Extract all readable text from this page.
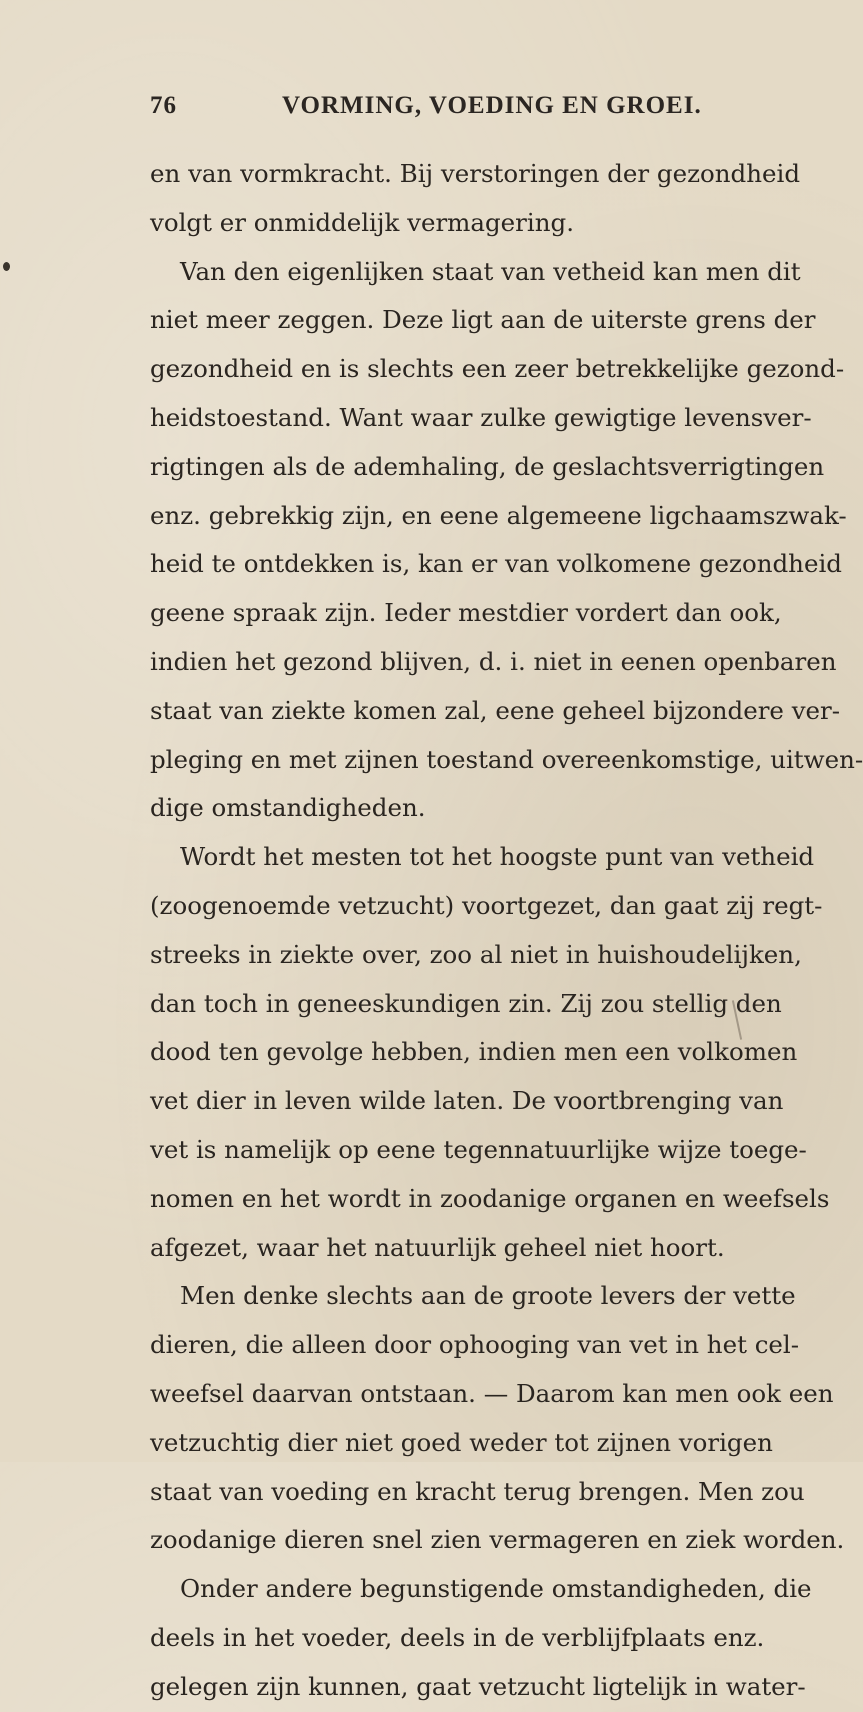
76	VORMING, VOEDING EN GROEI.
en van vormkracht. Bij verstoringen der gezondheid
volgt er onmiddelijk vermagering.
Van den eigenlijken staat van vetheid kan men dit
niet meer zeggen. Deze ligt aan de uiterste grens der
gezondheid en is slechts een zeer betrekkelijke gezond-
heidstoestand. Want waar zulke gewigtige levensver-
rigtingen als de ademhaling, de geslachtsverrigtingen
enz. gebrekkig zijn, en eene algemeene ligchaamszwak-
heid te ontdekken is, kan er van volkomene gezondheid
geene spraak zijn. Ieder mestdier vordert dan ook,
indien het gezond blijven, d. i. niet in eenen openbaren
staat van ziekte komen zal, eene geheel bijzondere ver-
pleging en met zijnen toestand overeenkomstige, uitwen-
dige omstandigheden.
Wordt het mesten tot het hoogste punt van vetheid
(zoogenoemde vetzucht) voortgezet, dan gaat zij regt-
streeks in ziekte over, zoo al niet in huishoudelijken,
dan toch in geneeskundigen zin. Zij zou stellig den
dood ten gevolge hebben, indien men een volkomen
vet dier in leven wilde laten. De voortbrenging van
vet is namelijk op eene tegennatuurlijke wijze toege-
nomen en het wordt in zoodanige organen en weefsels
afgezet, waar het natuurlijk geheel niet hoort.
Men denke slechts aan de groote levers der vette
dieren, die alleen door ophooging van vet in het cel-
weefsel daarvan ontstaan. — Daarom kan men ook een
vetzuchtig dier niet goed weder tot zijnen vorigen
staat van voeding en kracht terug brengen. Men zou
zoodanige dieren snel zien vermageren en ziek worden.
Onder andere begunstigende omstandigheden, die
deels in het voeder, deels in de verblijfplaats enz.
gelegen zijn kunnen, gaat vetzucht ligtelijk in water-
